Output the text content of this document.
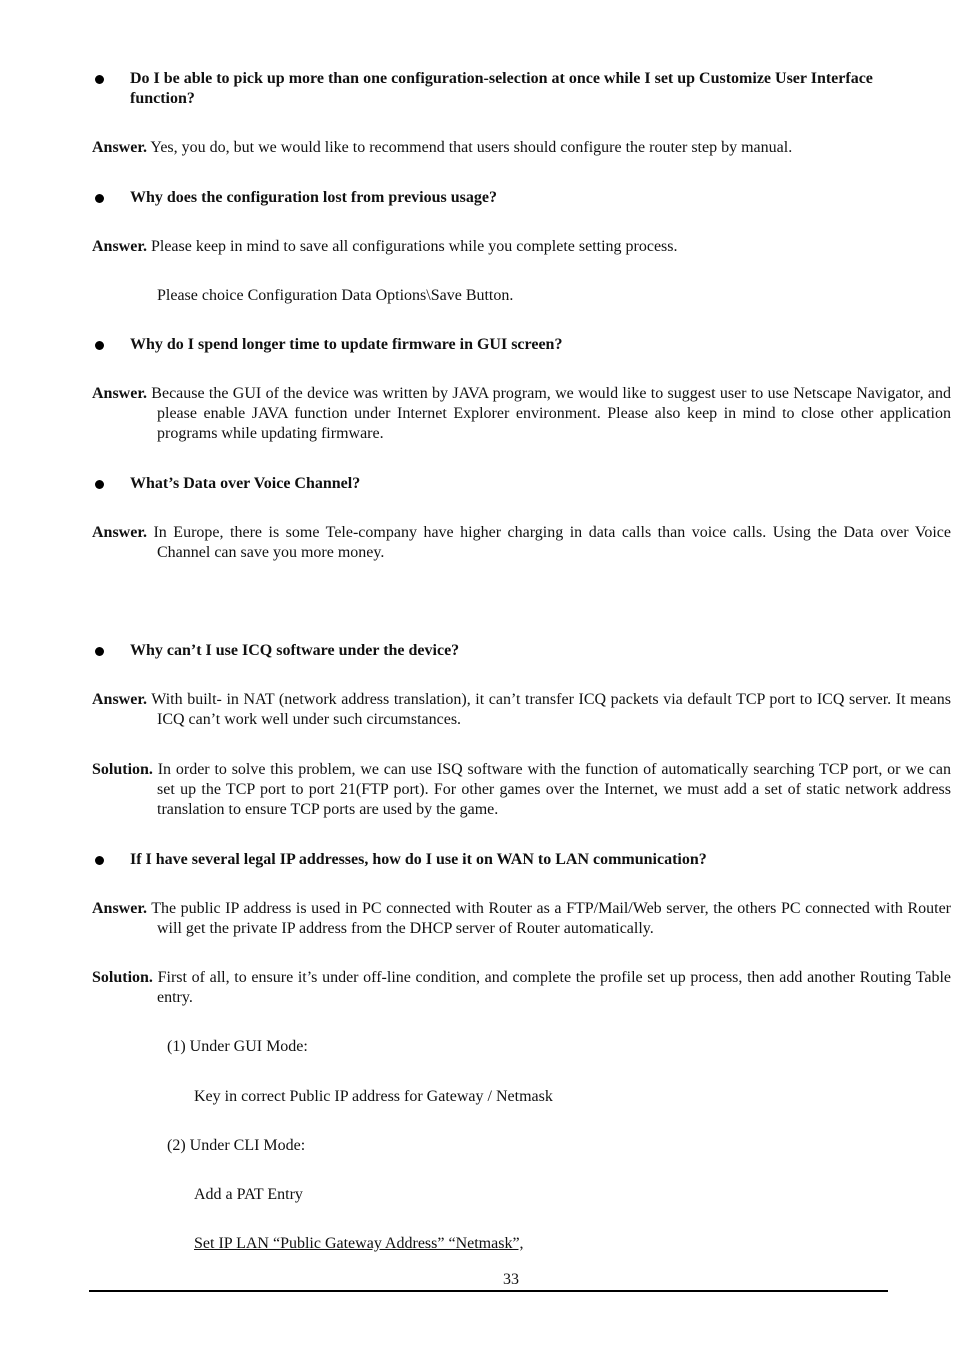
Do I be able to pick up more than one configuration-selection at once while I set up Customize User Interface function?
Answer. Yes, you do, but we would like to recommend that users should configure the router step by manual.
Why does the configuration lost from previous usage?
Answer. Please keep in mind to save all configurations while you complete setting process.
Please choice Configuration Data Options\Save Button.
Why do I spend longer time to update firmware in GUI screen?
Answer. Because the GUI of the device was written by JAVA program, we would like to suggest user to use Netscape Navigator, and please enable JAVA function under Internet Explorer environment. Please also keep in mind to close other application programs while updating firmware.
What’s Data over Voice Channel?
Answer. In Europe, there is some Tele-company have higher charging in data calls than voice calls. Using the Data over Voice Channel can save you more money.
Why can’t I use ICQ software under the device?
Answer. With built- in NAT (network address translation), it can’t transfer ICQ packets via default TCP port to ICQ server. It means ICQ can’t work well under such circumstances.
Solution. In order to solve this problem, we can use ISQ software with the function of automatically searching TCP port, or we can set up the TCP port to port 21(FTP port). For other games over the Internet, we must add a set of static network address translation to ensure TCP ports are used by the game.
If I have several legal IP addresses, how do I use it on WAN to LAN communication?
Answer. The public IP address is used in PC connected with Router as a FTP/Mail/Web server, the others PC connected with Router will get the private IP address from the DHCP server of Router automatically.
Solution. First of all, to ensure it’s under off-line condition, and complete the profile set up process, then add another Routing Table entry.
(1) Under GUI Mode:
Key in correct Public IP address for Gateway / Netmask
(2) Under CLI Mode:
Add a PAT Entry
Set IP LAN “Public Gateway Address” “Netmask”,
33
